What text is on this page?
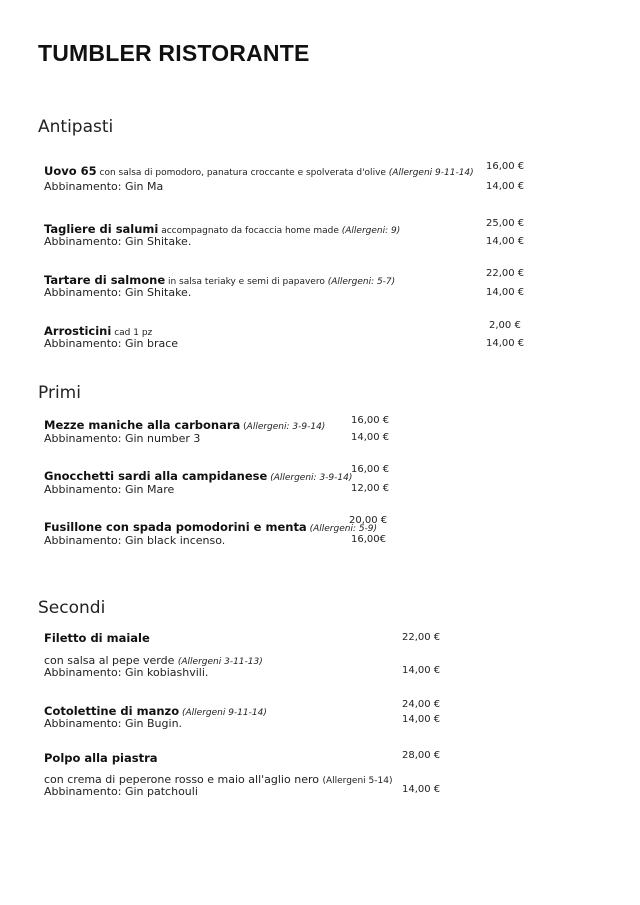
TUMBLER RISTORANTE
Antipasti
Uovo 65 con salsa di pomodoro, panatura croccante e spolverata d'olive (Allergeni 9-11-14)
16,00 €
Abbinamento: Gin Ma	14,00 €
Tagliere di salumi accompagnato da focaccia home made (Allergeni: 9)
25,00 €
Abbinamento: Gin Shitake.	14,00 €
Tartare di salmone in salsa teriaky e semi di papavero (Allergeni: 5-7)
22,00 €
Abbinamento: Gin Shitake.	14,00 €
Arrosticini cad 1 pz
2,00 €
Abbinamento: Gin brace	14,00 €
Primi
Mezze maniche alla carbonara (Allergeni: 3-9-14)
16,00 €
Abbinamento: Gin number 3	14,00 €
Gnocchetti sardi alla campidanese (Allergeni: 3-9-14)
16,00 €
Abbinamento: Gin Mare	12,00 €
Fusillone con spada pomodorini e menta (Allergeni: 5-9)
20,00 €
Abbinamento: Gin black incenso.	16,00€
Secondi
Filetto di maiale	22,00 €
con salsa al pepe verde (Allergeni 3-11-13)
Abbinamento: Gin kobiashvili.	14,00 €
Cotolettine di manzo (Allergeni 9-11-14)
24,00 €
Abbinamento: Gin Bugin.	14,00 €
Polpo alla piastra	28,00 €
con crema di peperone rosso e maio all'aglio nero (Allergeni 5-14)
Abbinamento: Gin patchouli	14,00 €
